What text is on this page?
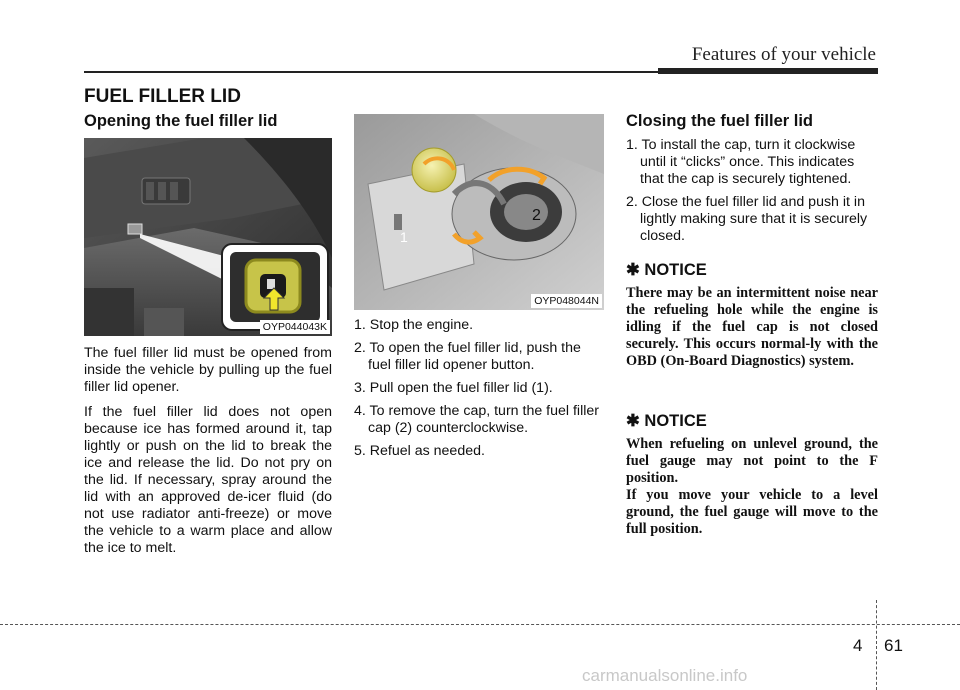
Features of your vehicle
FUEL FILLER LID
Opening the fuel filler lid
OYP044043K

The fuel filler lid must be opened from inside the vehicle by pulling up the fuel filler lid opener.

If the fuel filler lid does not open because ice has formed around it, tap lightly or push on the lid to break the ice and release the lid. Do not pry on the lid. If necessary, spray around the lid with an approved de-icer fluid (do not use radiator anti-freeze) or move the vehicle to a warm place and allow the ice to melt.

2
1
OYP048044N
1. Stop the engine.
2. To open the fuel filler lid, push the fuel filler lid opener button.
3. Pull open the fuel filler lid (1).
4. To remove the cap, turn the fuel filler cap (2) counterclockwise.
5. Refuel as needed.
Closing the fuel filler lid
1. To install the cap, turn it clockwise until it “clicks” once. This indicates that the cap is securely tightened.
2. Close the fuel filler lid and push it in lightly making sure that it is securely closed.
✱ NOTICE

There may be an intermittent noise near the refueling hole while the engine is idling if the fuel cap is not closed securely. This occurs normal-ly with the OBD (On-Board Diagnostics) system.

✱ NOTICE

When refueling on unlevel ground, the fuel gauge may not point to the F position.

If you move your vehicle to a level ground, the fuel gauge will move to the full position.

4 61
carmanualsonline.info
